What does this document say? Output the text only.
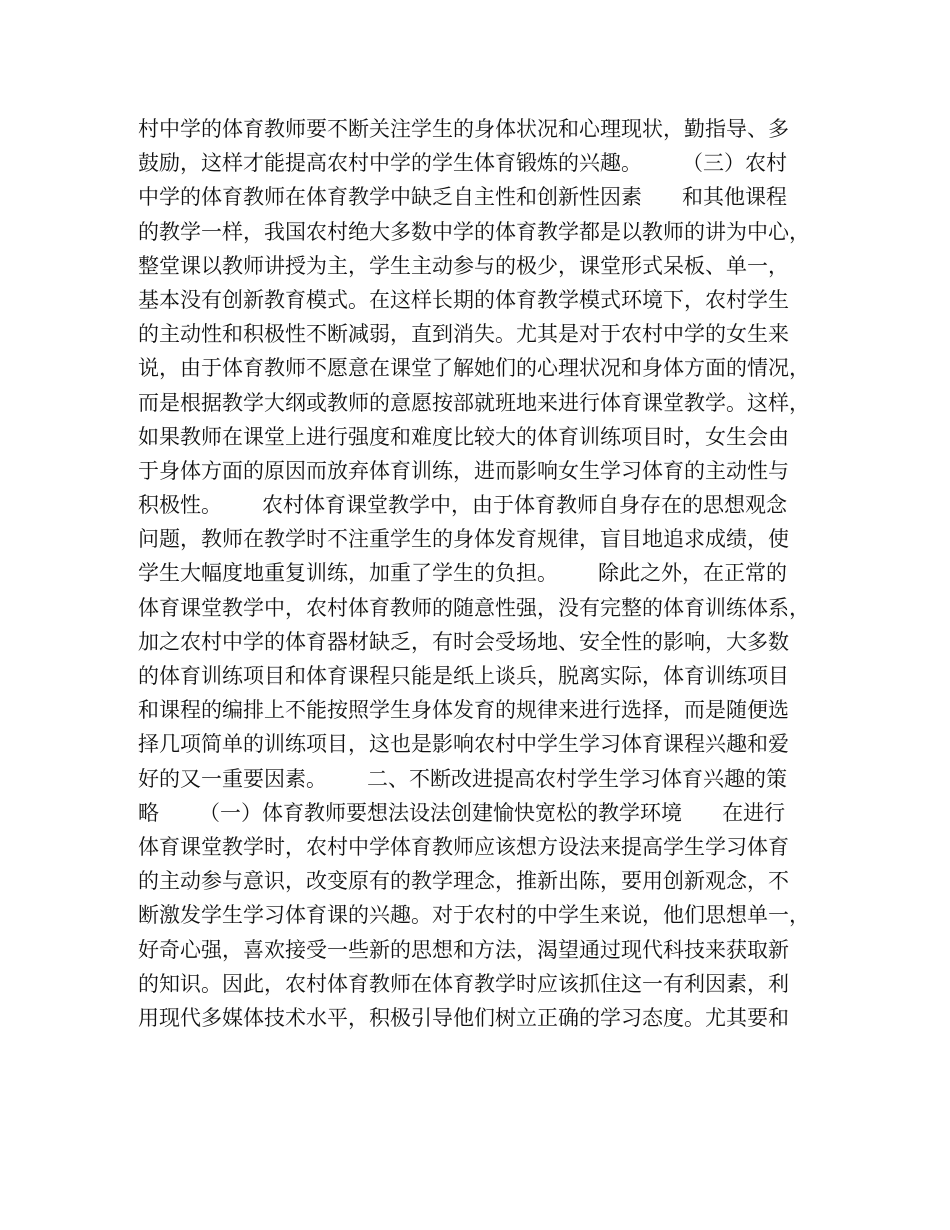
村中学的体育教师要不断关注学生的身体状况和心理现状，勤指导、多
鼓励，这样才能提高农村中学的学生体育锻炼的兴趣。      （三）农村
中学的体育教师在体育教学中缺乏自主性和创新性因素      和其他课程
的教学一样，我国农村绝大多数中学的体育教学都是以教师的讲为中心，
整堂课以教师讲授为主，学生主动参与的极少，课堂形式呆板、单一，
基本没有创新教育模式。在这样长期的体育教学模式环境下，农村学生
的主动性和积极性不断减弱，直到消失。尤其是对于农村中学的女生来
说，由于体育教师不愿意在课堂了解她们的心理状况和身体方面的情况，
而是根据教学大纲或教师的意愿按部就班地来进行体育课堂教学。这样，
如果教师在课堂上进行强度和难度比较大的体育训练项目时，女生会由
于身体方面的原因而放弃体育训练，进而影响女生学习体育的主动性与
积极性。      农村体育课堂教学中，由于体育教师自身存在的思想观念
问题，教师在教学时不注重学生的身体发育规律，盲目地追求成绩，使
学生大幅度地重复训练，加重了学生的负担。      除此之外，在正常的
体育课堂教学中，农村体育教师的随意性强，没有完整的体育训练体系，
加之农村中学的体育器材缺乏，有时会受场地、安全性的影响，大多数
的体育训练项目和体育课程只能是纸上谈兵，脱离实际，体育训练项目
和课程的编排上不能按照学生身体发育的规律来进行选择，而是随便选
择几项简单的训练项目，这也是影响农村中学生学习体育课程兴趣和爱
好的又一重要因素。      二、不断改进提高农村学生学习体育兴趣的策
略      （一）体育教师要想法设法创建愉快宽松的教学环境      在进行
体育课堂教学时，农村中学体育教师应该想方设法来提高学生学习体育
的主动参与意识，改变原有的教学理念，推新出陈，要用创新观念，不
断激发学生学习体育课的兴趣。对于农村的中学生来说，他们思想单一，
好奇心强，喜欢接受一些新的思想和方法，渴望通过现代科技来获取新
的知识。因此，农村体育教师在体育教学时应该抓住这一有利因素，利
用现代多媒体技术水平，积极引导他们树立正确的学习态度。尤其要和
